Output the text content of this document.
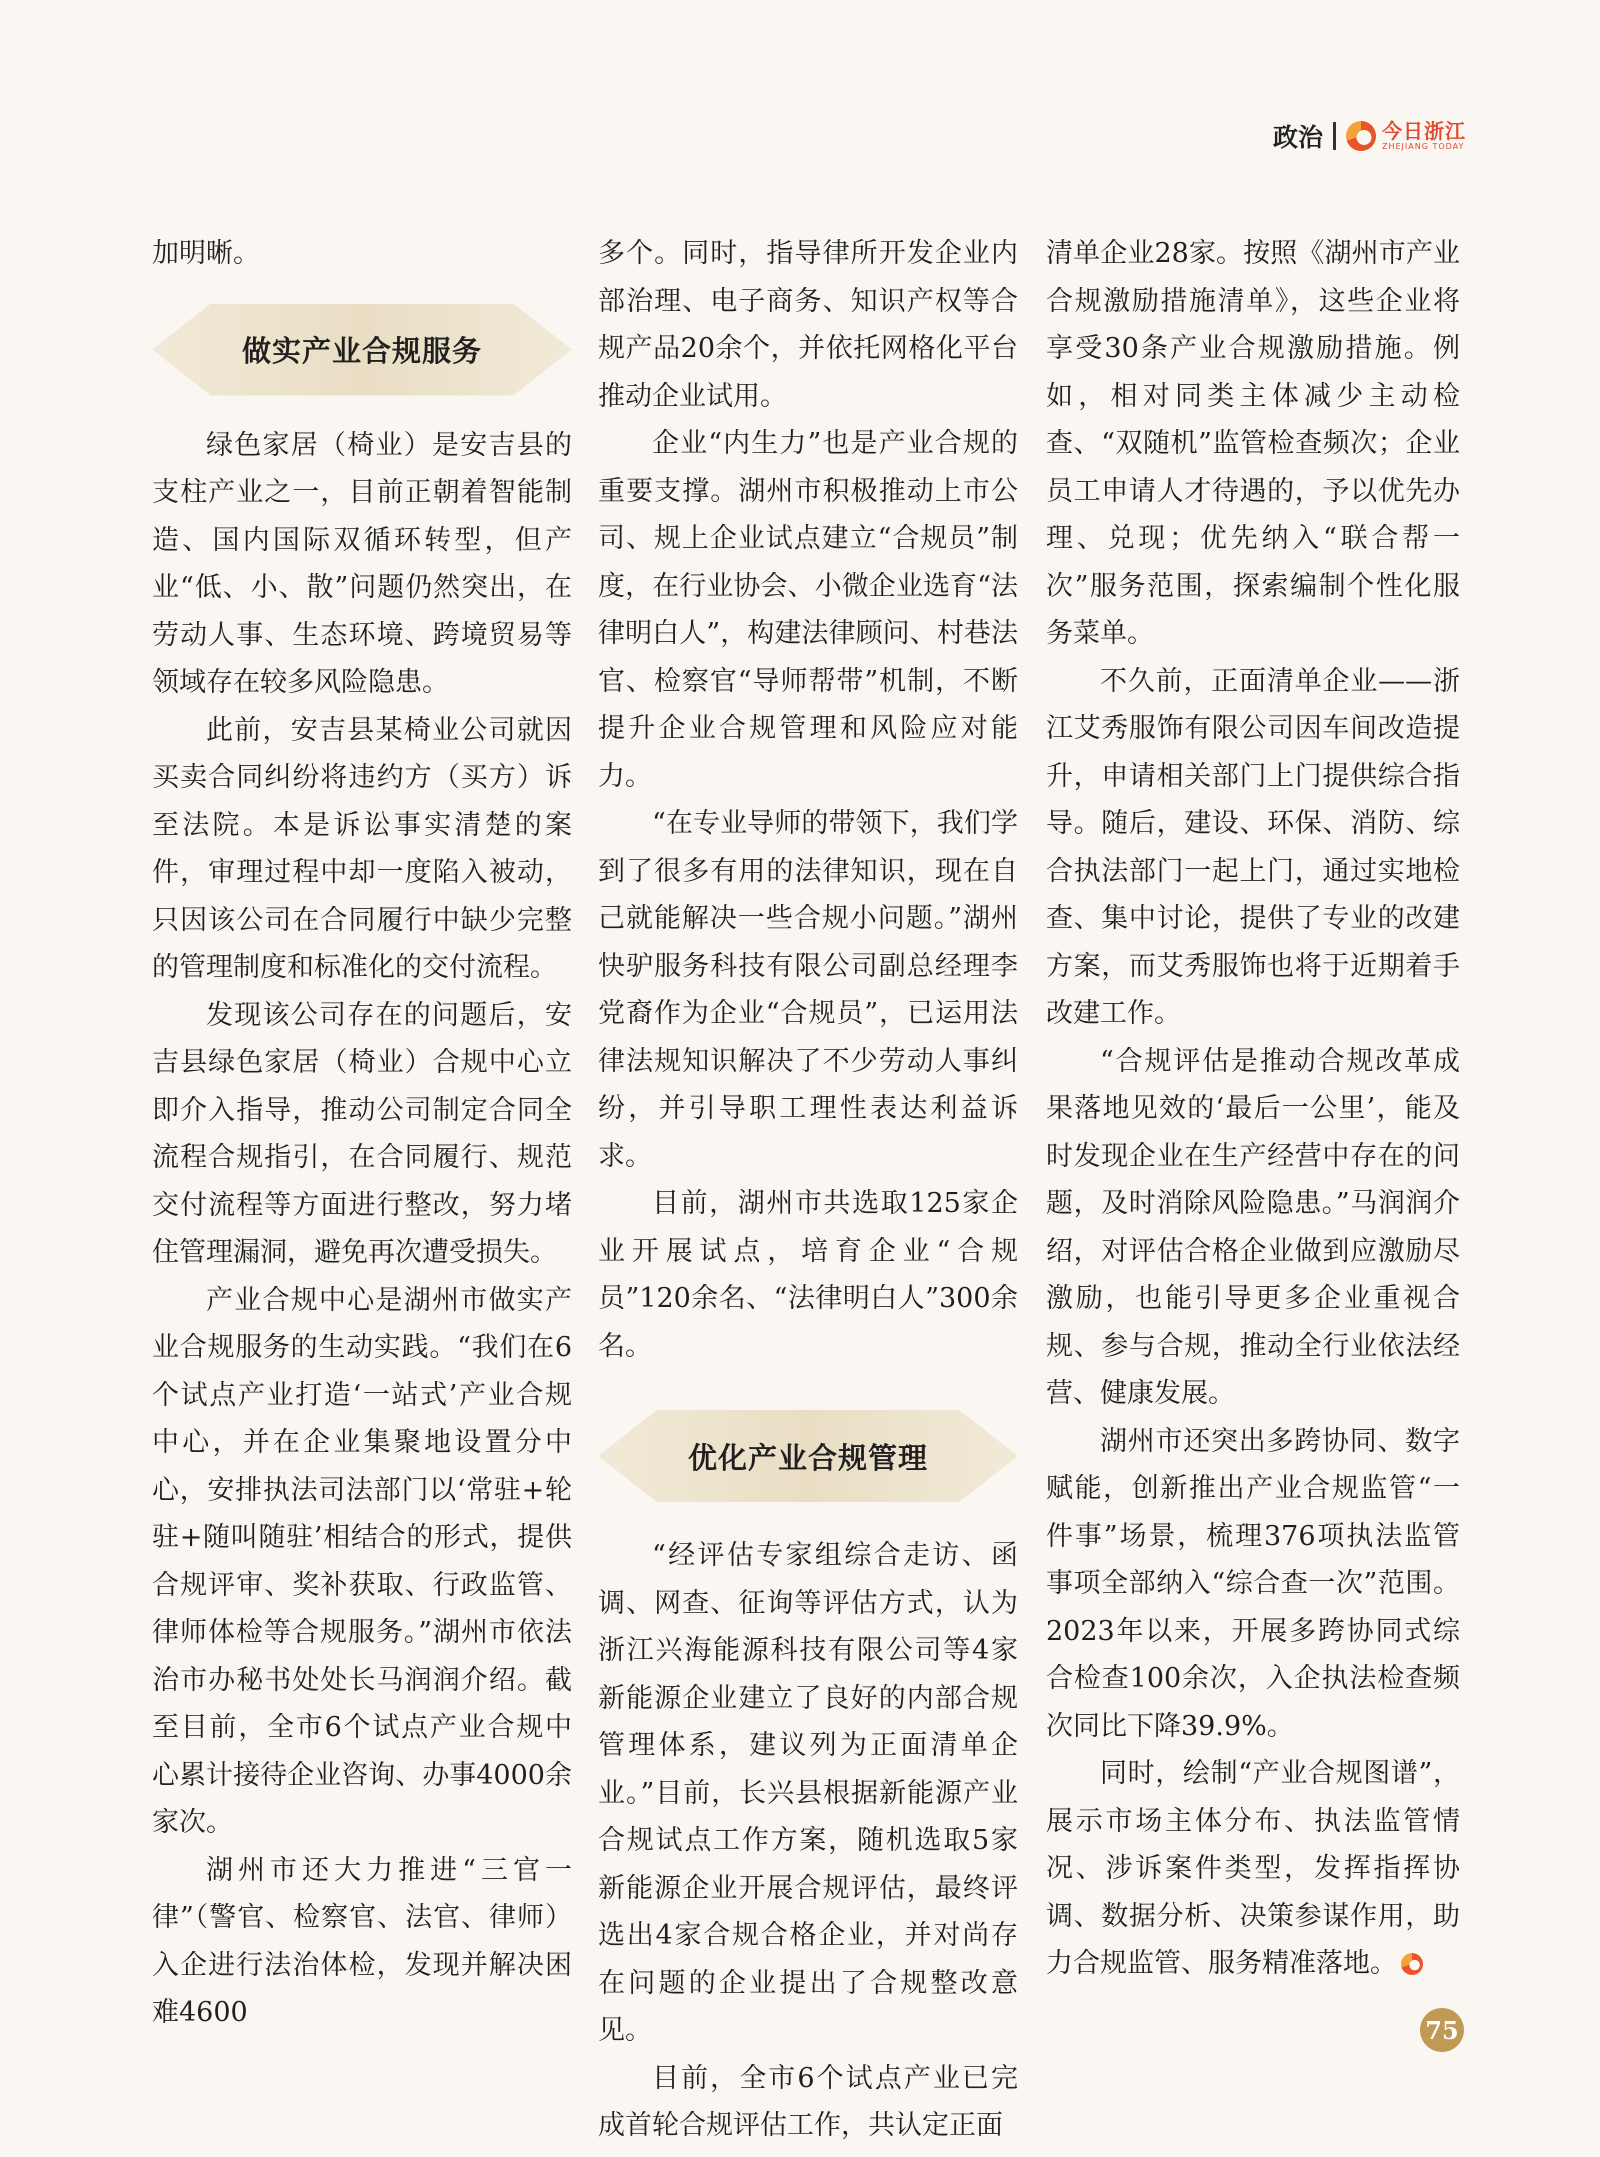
政治	今日浙江
ZHEJIANG TODAY

加明晰。

做实产业合规服务

绿色家居（椅业）是安吉县的支柱产业之一，目前正朝着智能制造、国内国际双循环转型，但产业“低、小、散”问题仍然突出，在劳动人事、生态环境、跨境贸易等领域存在较多风险隐患。

此前，安吉县某椅业公司就因买卖合同纠纷将违约方（买方）诉至法院。本是诉讼事实清楚的案件，审理过程中却一度陷入被动，只因该公司在合同履行中缺少完整的管理制度和标准化的交付流程。

发现该公司存在的问题后，安吉县绿色家居（椅业）合规中心立即介入指导，推动公司制定合同全流程合规指引，在合同履行、规范交付流程等方面进行整改，努力堵住管理漏洞，避免再次遭受损失。

产业合规中心是湖州市做实产业合规服务的生动实践。“我们在6个试点产业打造‘一站式’产业合规中心，并在企业集聚地设置分中心，安排执法司法部门以‘常驻+轮驻+随叫随驻’相结合的形式，提供合规评审、奖补获取、行政监管、律师体检等合规服务。”湖州市依法治市办秘书处处长马润润介绍。截至目前，全市6个试点产业合规中心累计接待企业咨询、办事4000余家次。

湖州市还大力推进“三官一律”（警官、检察官、法官、律师）入企进行法治体检，发现并解决困难4600

多个。同时，指导律所开发企业内部治理、电子商务、知识产权等合规产品20余个，并依托网格化平台推动企业试用。

企业“内生力”也是产业合规的重要支撑。湖州市积极推动上市公司、规上企业试点建立“合规员”制度，在行业协会、小微企业选育“法律明白人”，构建法律顾问、村巷法官、检察官“导师帮带”机制，不断提升企业合规管理和风险应对能力。

“在专业导师的带领下，我们学到了很多有用的法律知识，现在自己就能解决一些合规小问题。”湖州快驴服务科技有限公司副总经理李党裔作为企业“合规员”，已运用法律法规知识解决了不少劳动人事纠纷，并引导职工理性表达利益诉求。

目前，湖州市共选取125家企业开展试点，培育企业“合规员”120余名、“法律明白人”300余名。

优化产业合规管理

“经评估专家组综合走访、函调、网查、征询等评估方式，认为浙江兴海能源科技有限公司等4家新能源企业建立了良好的内部合规管理体系，建议列为正面清单企业。”目前，长兴县根据新能源产业合规试点工作方案，随机选取5家新能源企业开展合规评估，最终评选出4家合规合格企业，并对尚存在问题的企业提出了合规整改意见。

目前，全市6个试点产业已完成首轮合规评估工作，共认定正面

清单企业28家。按照《湖州市产业合规激励措施清单》，这些企业将享受30条产业合规激励措施。例如，相对同类主体减少主动检查、“双随机”监管检查频次；企业员工申请人才待遇的，予以优先办理、兑现；优先纳入“联合帮一次”服务范围，探索编制个性化服务菜单。

不久前，正面清单企业——浙江艾秀服饰有限公司因车间改造提升，申请相关部门上门提供综合指导。随后，建设、环保、消防、综合执法部门一起上门，通过实地检查、集中讨论，提供了专业的改建方案，而艾秀服饰也将于近期着手改建工作。

“合规评估是推动合规改革成果落地见效的‘最后一公里’，能及时发现企业在生产经营中存在的问题，及时消除风险隐患。”马润润介绍，对评估合格企业做到应激励尽激励，也能引导更多企业重视合规、参与合规，推动全行业依法经营、健康发展。

湖州市还突出多跨协同、数字赋能，创新推出产业合规监管“一件事”场景，梳理376项执法监管事项全部纳入“综合查一次”范围。2023年以来，开展多跨协同式综合检查100余次，入企执法检查频次同比下降39.9%。

同时，绘制“产业合规图谱”，展示市场主体分布、执法监管情况、涉诉案件类型，发挥指挥协调、数据分析、决策参谋作用，助力合规监管、服务精准落地。

75
